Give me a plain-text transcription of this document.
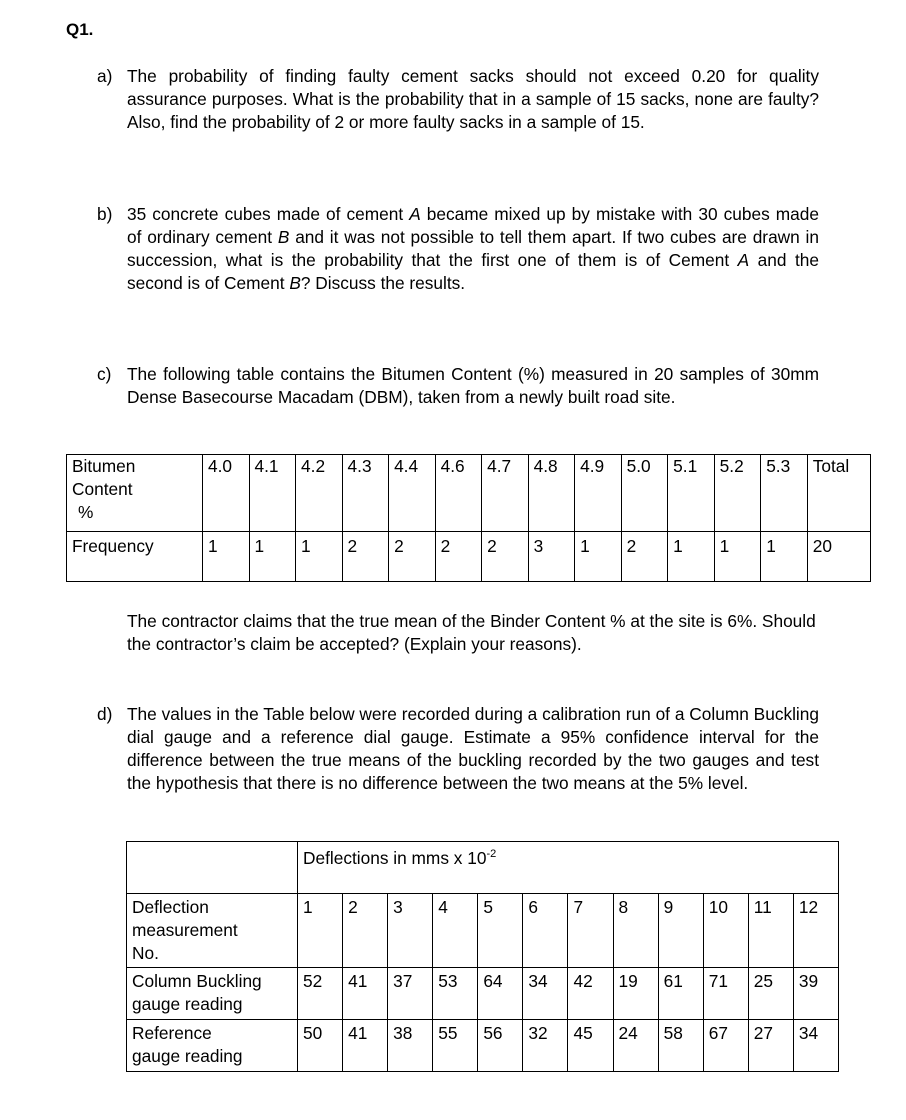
Q1.
a) The probability of finding faulty cement sacks should not exceed 0.20 for quality assurance purposes. What is the probability that in a sample of 15 sacks, none are faulty? Also, find the probability of 2 or more faulty sacks in a sample of 15.
b) 35 concrete cubes made of cement A became mixed up by mistake with 30 cubes made of ordinary cement B and it was not possible to tell them apart. If two cubes are drawn in succession, what is the probability that the first one of them is of Cement A and the second is of Cement B? Discuss the results.
c) The following table contains the Bitumen Content (%) measured in 20 samples of 30mm Dense Basecourse Macadam (DBM), taken from a newly built road site.
Bitumen
Content
%	4.0	4.1	4.2	4.3	4.4	4.6	4.7	4.8	4.9	5.0	5.1	5.2	5.3	Total
Frequency	1	1	1	2	2	2	2	3	1	2	1	1	1	20
The contractor claims that the true mean of the Binder Content % at the site is 6%. Should the contractor’s claim be accepted? (Explain your reasons).
d) The values in the Table below were recorded during a calibration run of a Column Buckling dial gauge and a reference dial gauge. Estimate a 95% confidence interval for the difference between the true means of the buckling recorded by the two gauges and test the hypothesis that there is no difference between the two means at the 5% level.
	Deflections in mms x $10^{-2}$

Deflection
measurement
No.	1	2	3	4	5	6	7	8	9	10	11	12

Column Buckling
gauge reading	52	41	37	53	64	34	42	19	61	71	25	39

Reference
gauge reading	50	41	38	55	56	32	45	24	58	67	27	34
